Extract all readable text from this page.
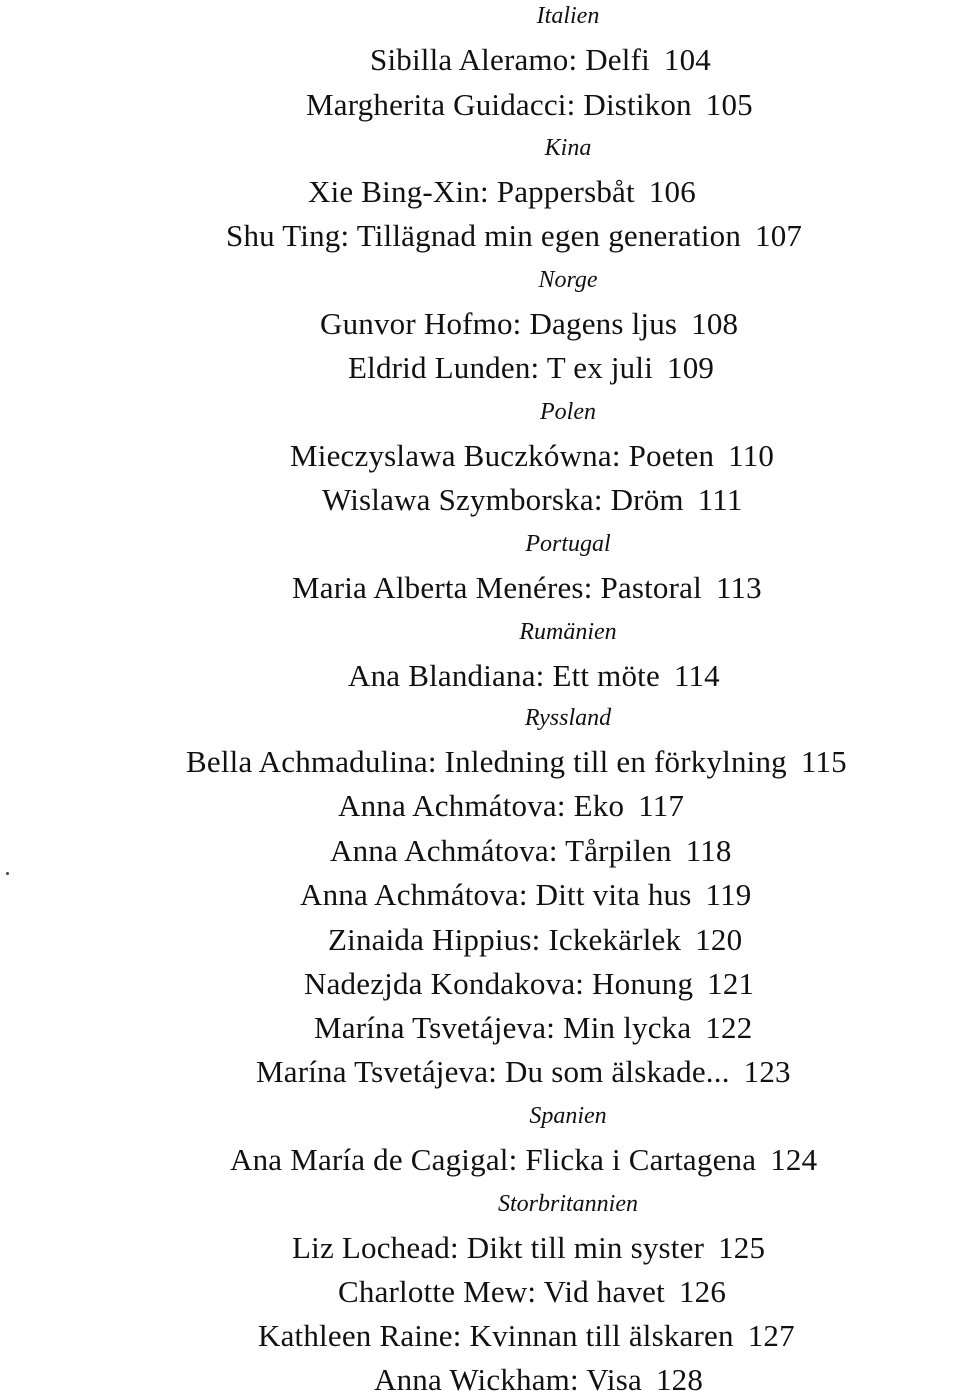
Italien
Sibilla Aleramo: Delfi 104
Margherita Guidacci: Distikon 105
Kina
Xie Bing-Xin: Pappersbåt 106
Shu Ting: Tillägnad min egen generation 107
Norge
Gunvor Hofmo: Dagens ljus 108
Eldrid Lunden: T ex juli 109
Polen
Mieczyslawa Buczkówna: Poeten 110
Wislawa Szymborska: Dröm 111
Portugal
Maria Alberta Menéres: Pastoral 113
Rumänien
Ana Blandiana: Ett möte 114
Ryssland
Bella Achmadulina: Inledning till en förkylning 115
Anna Achmátova: Eko 117
Anna Achmátova: Tårpilen 118
Anna Achmátova: Ditt vita hus 119
Zinaida Hippius: Ickekärlek 120
Nadezjda Kondakova: Honung 121
Marína Tsvetájeva: Min lycka 122
Marína Tsvetájeva: Du som älskade... 123
Spanien
Ana María de Cagigal: Flicka i Cartagena 124
Storbritannien
Liz Lochead: Dikt till min syster 125
Charlotte Mew: Vid havet 126
Kathleen Raine: Kvinnan till älskaren 127
Anna Wickham: Visa 128
